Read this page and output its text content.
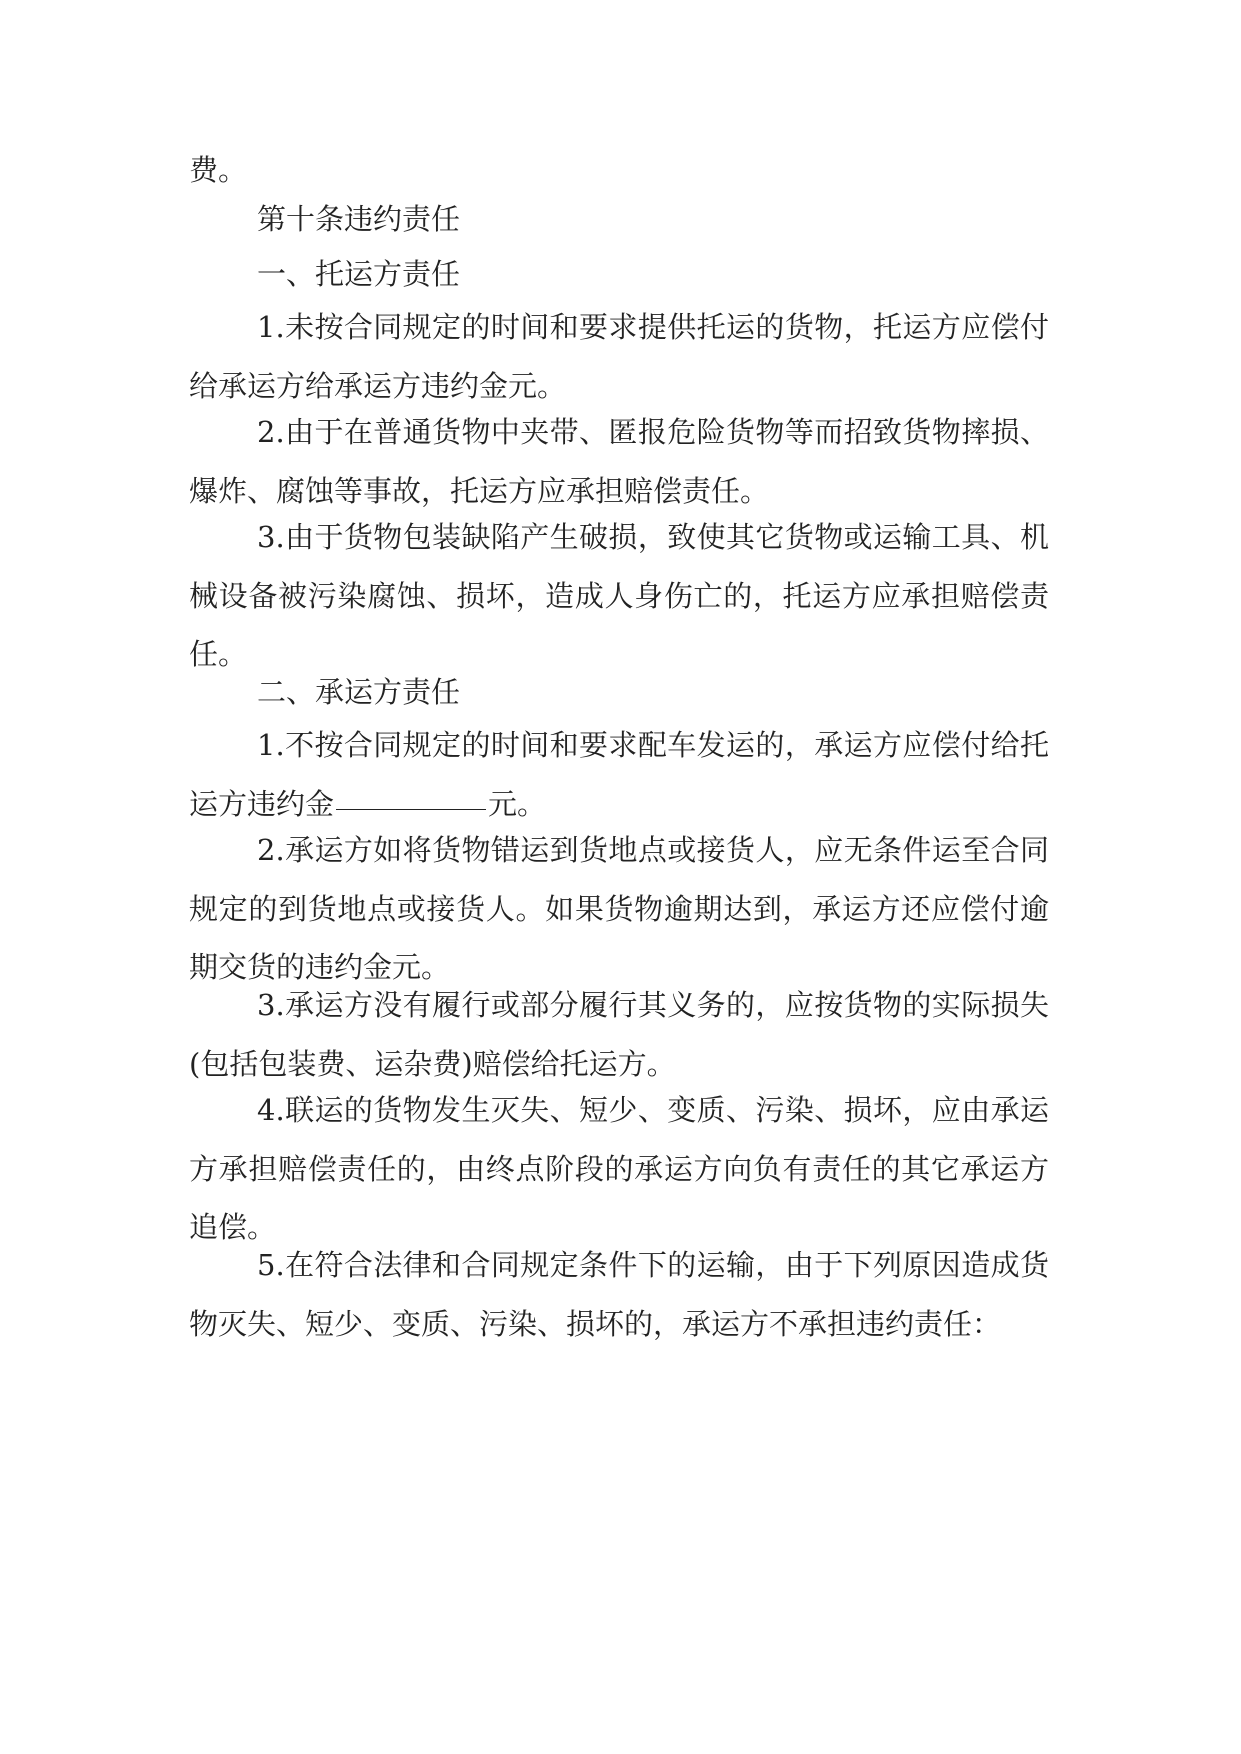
费。

第十条违约责任

一、托运方责任

1.未按合同规定的时间和要求提供托运的货物，托运方应偿付给承运方给承运方违约金元。

2.由于在普通货物中夹带、匿报危险货物等而招致货物摔损、爆炸、腐蚀等事故，托运方应承担赔偿责任。

3.由于货物包装缺陷产生破损，致使其它货物或运输工具、机械设备被污染腐蚀、损坏，造成人身伤亡的，托运方应承担赔偿责任。

二、承运方责任

1.不按合同规定的时间和要求配车发运的，承运方应偿付给托运方违约金	元。

2.承运方如将货物错运到货地点或接货人，应无条件运至合同规定的到货地点或接货人。如果货物逾期达到，承运方还应偿付逾期交货的违约金元。

3.承运方没有履行或部分履行其义务的，应按货物的实际损失(包括包装费、运杂费)赔偿给托运方。

4.联运的货物发生灭失、短少、变质、污染、损坏，应由承运方承担赔偿责任的，由终点阶段的承运方向负有责任的其它承运方追偿。

5.在符合法律和合同规定条件下的运输，由于下列原因造成货物灭失、短少、变质、污染、损坏的，承运方不承担违约责任：
